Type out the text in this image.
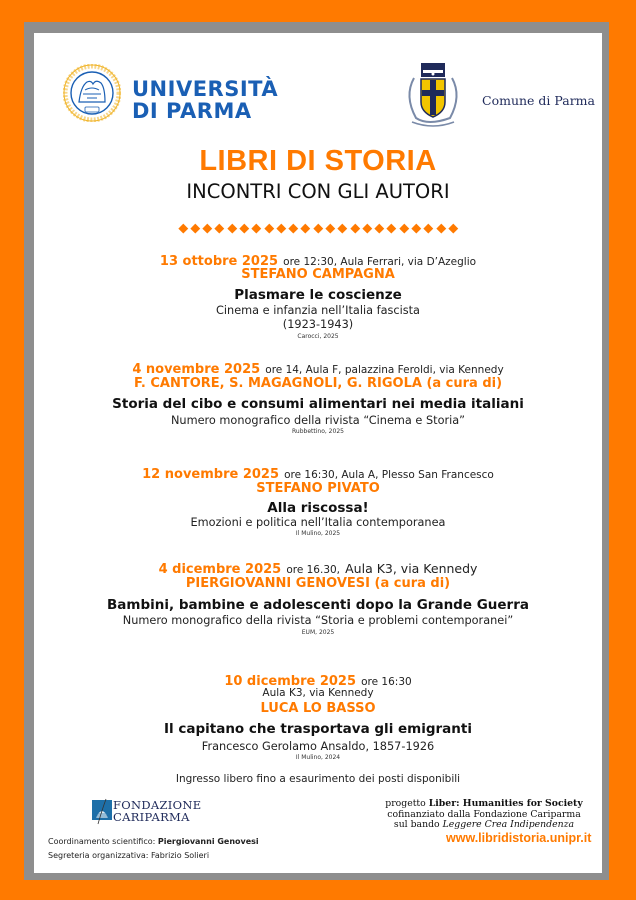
UNIVERSITÀ
DI PARMA	Comune di Parma
LIBRI DI STORIA
INCONTRI CON GLI AUTORI
13 ottobre 2025 ore 12:30, Aula Ferrari, via D’Azeglio
STEFANO CAMPAGNA
Plasmare le coscienze
Cinema e infanzia nell’Italia fascista
(1923-1943)
Carocci, 2025
4 novembre 2025 ore 14, Aula F, palazzina Feroldi, via Kennedy
F. CANTORE, S. MAGAGNOLI, G. RIGOLA (a cura di)
Storia del cibo e consumi alimentari nei media italiani
Numero monografico della rivista “Cinema e Storia”
Rubbettino, 2025
12 novembre 2025 ore 16:30, Aula A, Plesso San Francesco
STEFANO PIVATO
Alla riscossa!
Emozioni e politica nell’Italia contemporanea
Il Mulino, 2025
4 dicembre 2025 ore 16.30, Aula K3, via Kennedy
PIERGIOVANNI GENOVESI (a cura di)
Bambini, bambine e adolescenti dopo la Grande Guerra
Numero monografico della rivista “Storia e problemi contemporanei”
EUM, 2025
10 dicembre 2025 ore 16:30
Aula K3, via Kennedy
LUCA LO BASSO
Il capitano che trasportava gli emigranti
Francesco Gerolamo Ansaldo, 1857-1926
Il Mulino, 2024
Ingresso libero fino a esaurimento dei posti disponibili
FONDAZIONE
CARIPARMA
Coordinamento scientifico: Piergiovanni Genovesi
Segreteria organizzativa: Fabrizio Solieri
progetto Liber: Humanities for Society
cofinanziato dalla Fondazione Cariparma
sul bando Leggere Crea Indipendenza
www.libridistoria.unipr.it
